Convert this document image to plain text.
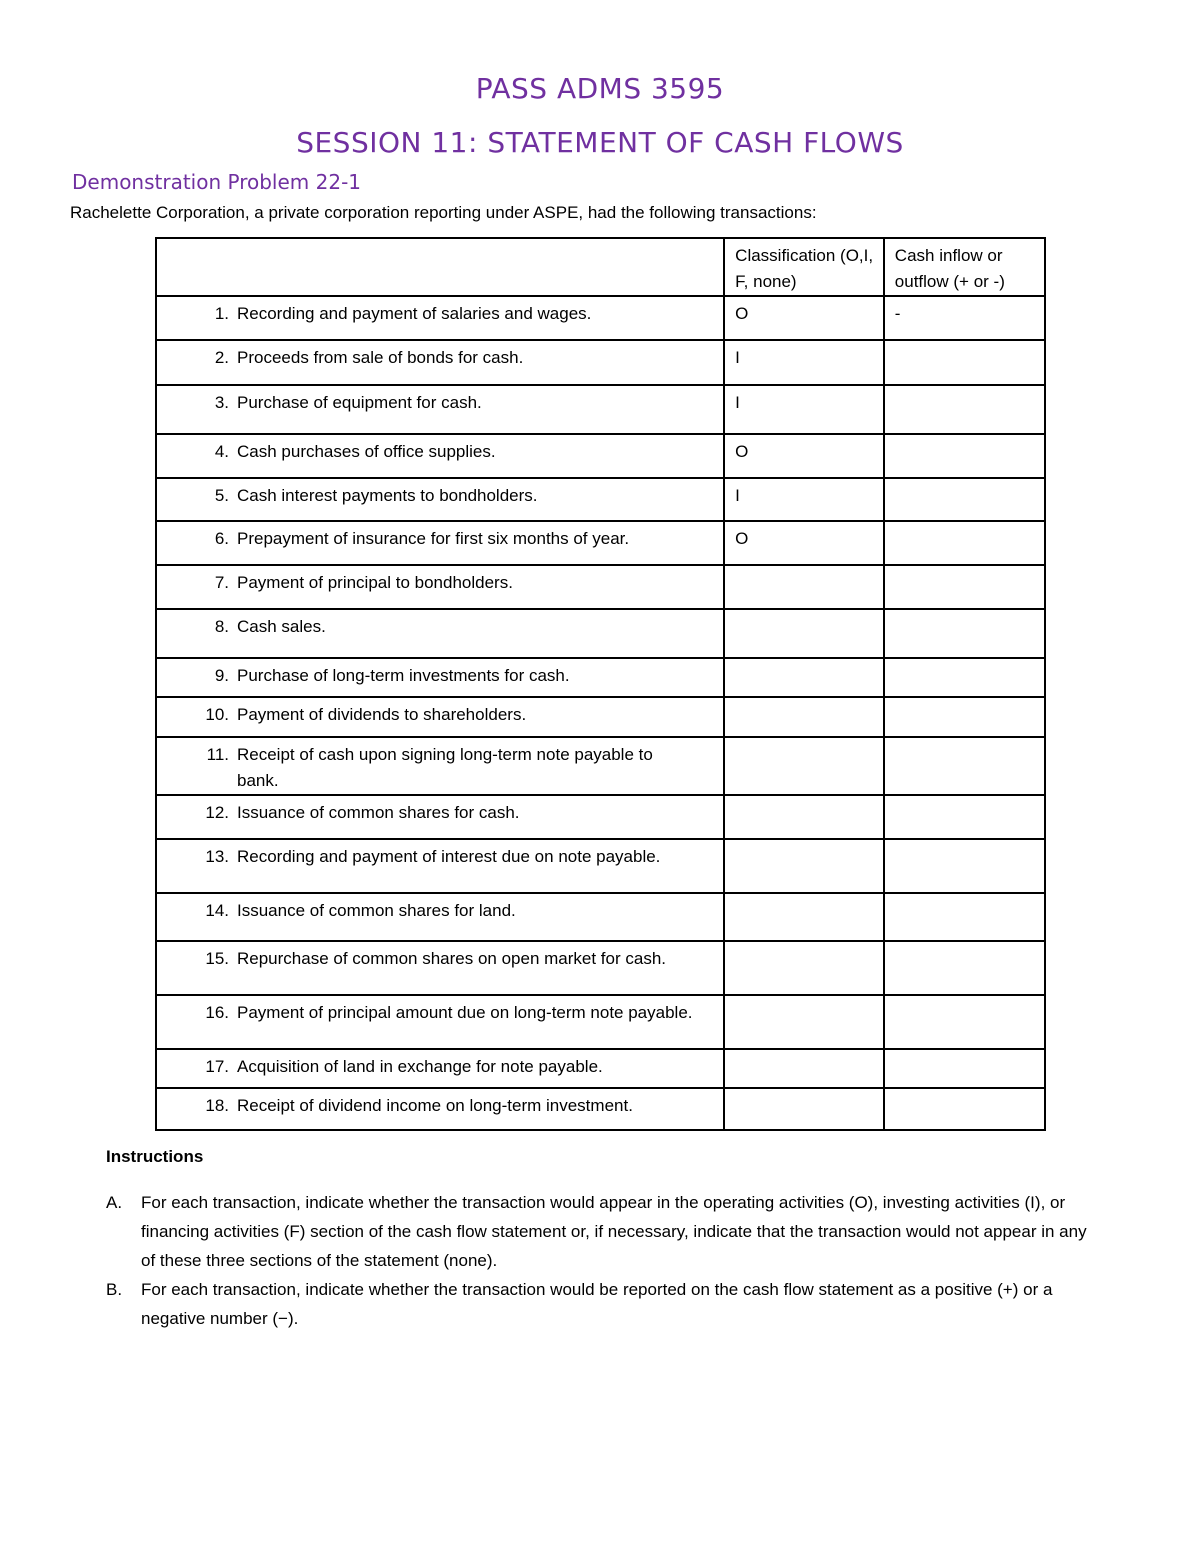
PASS ADMS 3595
SESSION 11: STATEMENT OF CASH FLOWS
Demonstration Problem 22-1

Rachelette Corporation, a private corporation reporting under ASPE, had the following transactions:

	Classification (O,I, F, none)	Cash inflow or outflow (+ or -)
1. Recording and payment of salaries and wages.	O	-
2. Proceeds from sale of bonds for cash.	I	
3. Purchase of equipment for cash.	I	
4. Cash purchases of office supplies.	O	
5. Cash interest payments to bondholders.	I	
6. Prepayment of insurance for first six months of year.	O	
7. Payment of principal to bondholders.		
8. Cash sales.		
9. Purchase of long-term investments for cash.		
10. Payment of dividends to shareholders.		
11. Receipt of cash upon signing long-term note payable to bank.		
12. Issuance of common shares for cash.		
13. Recording and payment of interest due on note payable.		
14. Issuance of common shares for land.		
15. Repurchase of common shares on open market for cash.		
16. Payment of principal amount due on long-term note payable.		
17. Acquisition of land in exchange for note payable.		
18. Receipt of dividend income on long-term investment.		

Instructions

A. For each transaction, indicate whether the transaction would appear in the operating activities (O), investing activities (I), or financing activities (F) section of the cash flow statement or, if necessary, indicate that the transaction would not appear in any of these three sections of the statement (none).
B. For each transaction, indicate whether the transaction would be reported on the cash flow statement as a positive (+) or a negative number (−).
